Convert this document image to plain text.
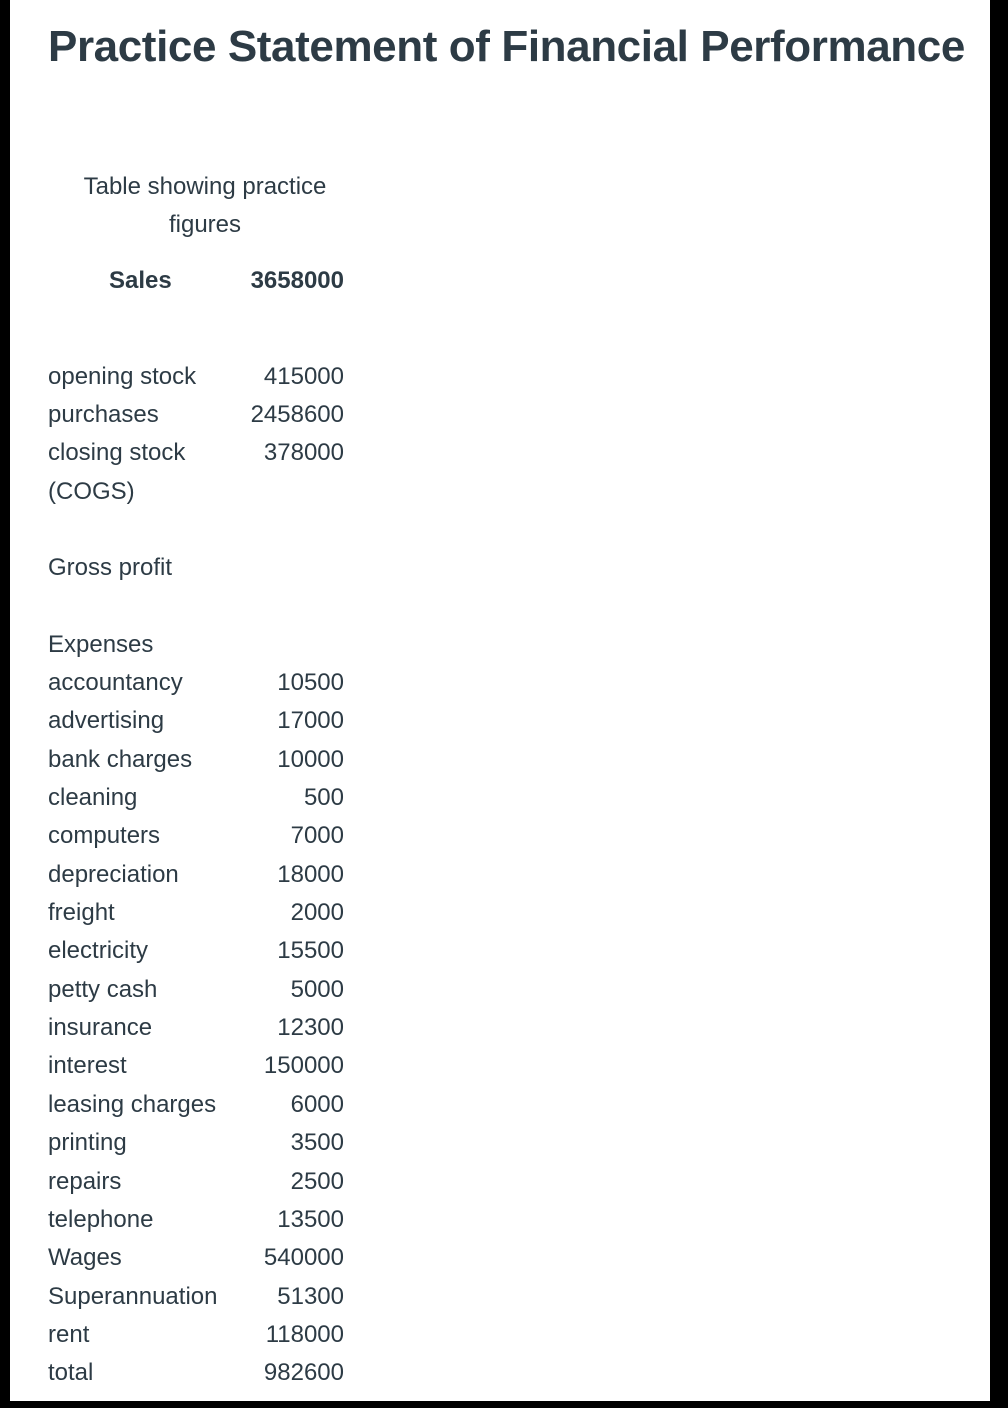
Practice Statement of Financial Performance
Table showing practice figures
Sales	3658000
opening stock	415000
purchases	2458600
closing stock	378000
(COGS)
Gross profit
Expenses
accountancy	10500
advertising	17000
bank charges	10000
cleaning	500
computers	7000
depreciation	18000
freight	2000
electricity	15500
petty cash	5000
insurance	12300
interest	150000
leasing charges	6000
printing	3500
repairs	2500
telephone	13500
Wages	540000
Superannuation 51300
rent	118000
total	982600
